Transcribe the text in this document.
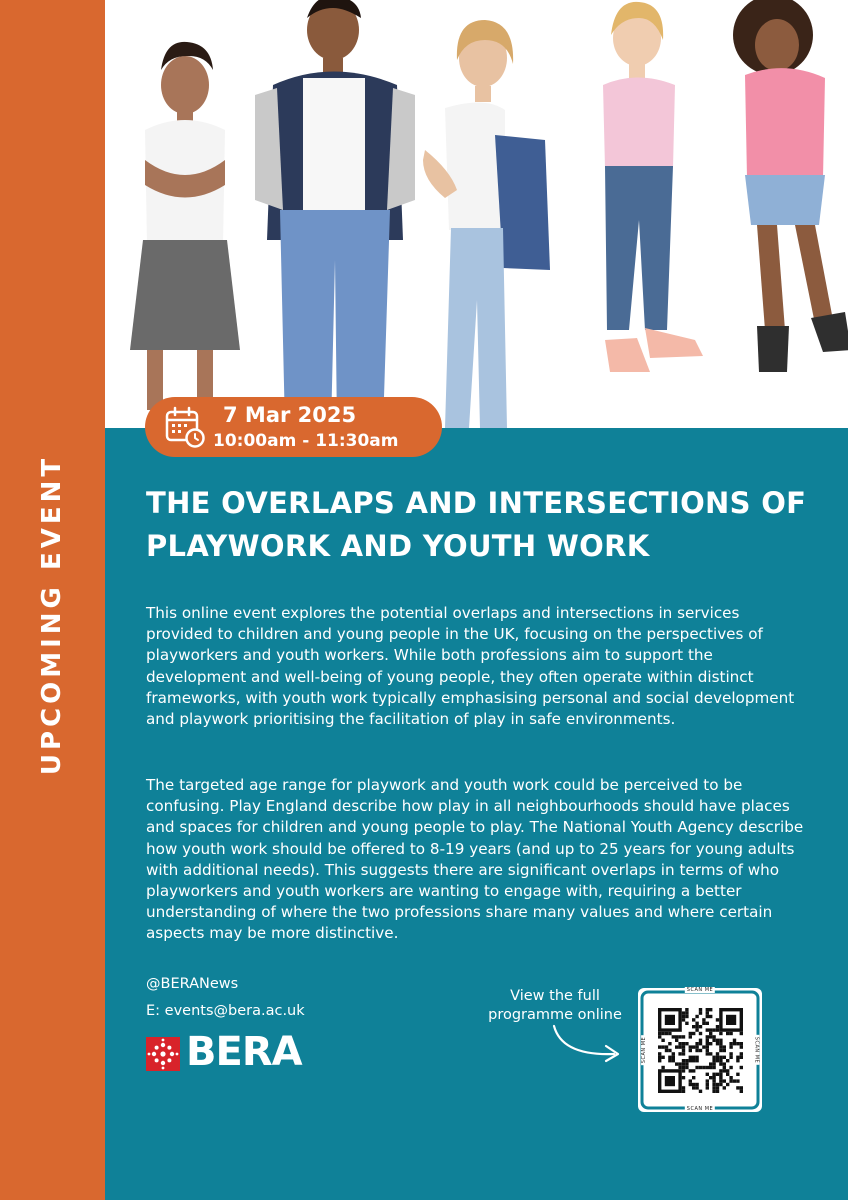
UPCOMING EVENT
7 Mar 2025
10:00am - 11:30am
THE OVERLAPS AND INTERSECTIONS OF PLAYWORK AND YOUTH WORK

This online event explores the potential overlaps and intersections in services provided to children and young people in the UK, focusing on the perspectives of playworkers and youth workers. While both professions aim to support the development and well-being of young people, they often operate within distinct frameworks, with youth work typically emphasising personal and social development and playwork prioritising the facilitation of play in safe environments.

The targeted age range for playwork and youth work could be perceived to be confusing. Play England describe how play in all neighbourhoods should have places and spaces for children and young people to play. The National Youth Agency describe how youth work should be offered to 8-19 years (and up to 25 years for young adults with additional needs). This suggests there are significant overlaps in terms of who playworkers and youth workers are wanting to engage with, requiring a better understanding of where the two professions share many values and where certain aspects may be more distinctive.

@BERANews
E: events@bera.ac.uk
BERA
View the full programme online
SCAN ME
SCAN ME
SCAN ME	SCAN ME
